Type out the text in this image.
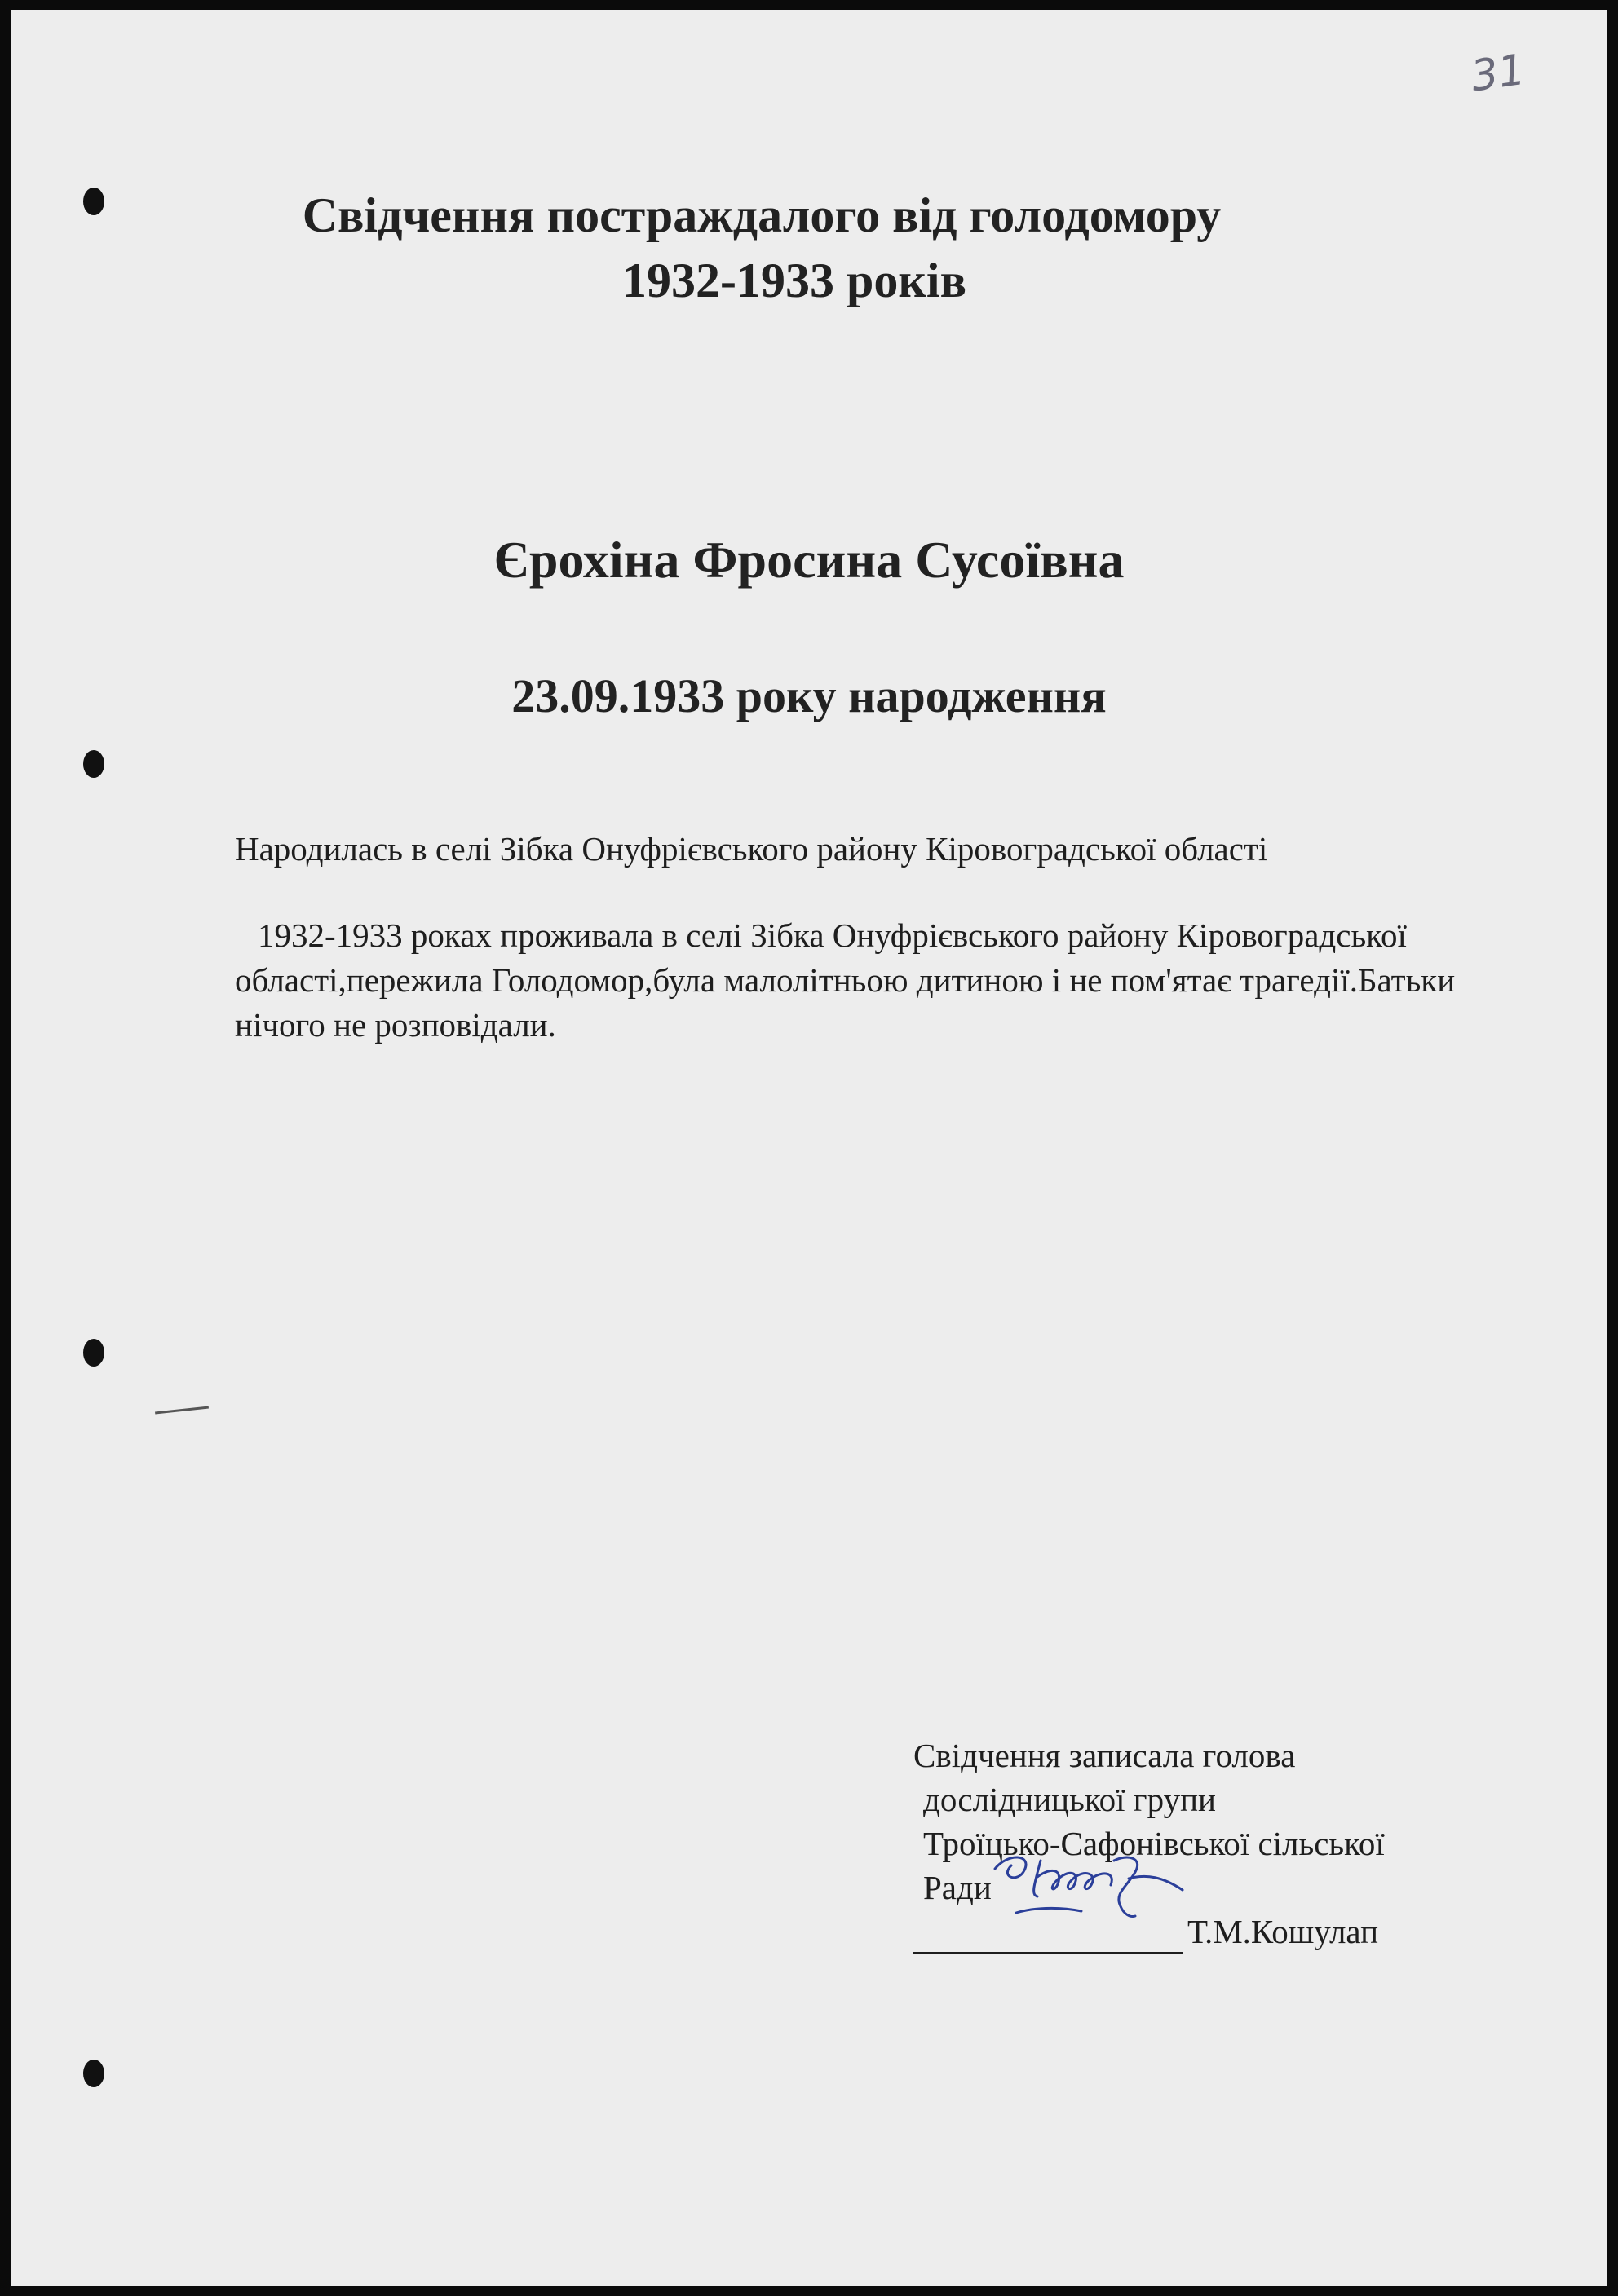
31
Свідчення постраждалого від голодомору
1932-1933 років
Єрохіна Фросина Сусоївна
23.09.1933 року народження
Народилась в селі Зібка Онуфрієвського району Кіровоградської області
1932-1933 роках проживала в селі Зібка Онуфрієвського району Кіровоградської області,пережила Голодомор,була малолітньою дитиною і не пом'ятає трагедії.Батьки нічого не розповідали.
Свідчення записала голова
дослідницької групи
Троїцько-Сафонівської сільської
Ради
Т.М.Кошулап
